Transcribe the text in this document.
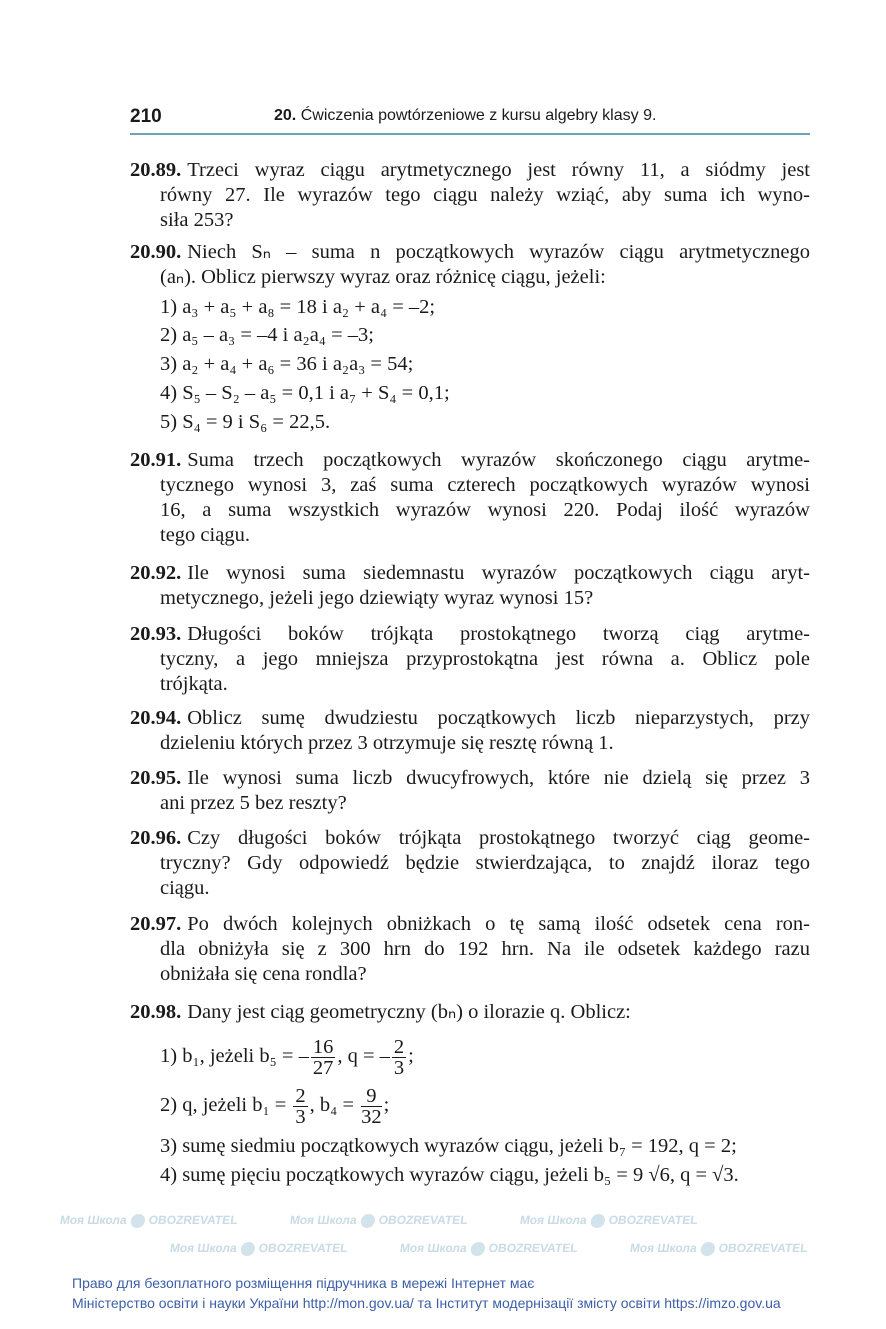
Моя Школа OBOZREVATEL	Моя Школа OBOZREVATEL	Моя Школа OBOZREVATEL
Моя Школа OBOZREVATEL	Моя Школа OBOZREVATEL	Моя Школа OBOZREVATEL
210	20. Ćwiczenia powtórzeniowe z kursu algebry klasy 9.
20.89. Trzeci wyraz ciągu arytmetycznego jest równy 11, a siódmy jest
równy 27. Ile wyrazów tego ciągu należy wziąć, aby suma ich wyno-
siła 253?
20.90. Niech Sₙ – suma n początkowych wyrazów ciągu arytmetycznego
(aₙ). Oblicz pierwszy wyraz oraz różnicę ciągu, jeżeli:
1) a₃ + a₅ + a₈ = 18 i a₂ + a₄ = –2;
2) a₅ – a₃ = –4 i a₂a₄ = –3;
3) a₂ + a₄ + a₆ = 36 i a₂a₃ = 54;
4) S₅ – S₂ – a₅ = 0,1 i a₇ + S₄ = 0,1;
5) S₄ = 9 i S₆ = 22,5.
20.91. Suma trzech początkowych wyrazów skończonego ciągu arytme-
tycznego wynosi 3, zaś suma czterech początkowych wyrazów wynosi
16, a suma wszystkich wyrazów wynosi 220. Podaj ilość wyrazów
tego ciągu.
20.92. Ile wynosi suma siedemnastu wyrazów początkowych ciągu aryt-
metycznego, jeżeli jego dziewiąty wyraz wynosi 15?
20.93. Długości boków trójkąta prostokątnego tworzą ciąg arytme-
tyczny, a jego mniejsza przyprostokątna jest równa a. Oblicz pole
trójkąta.
20.94. Oblicz sumę dwudziestu początkowych liczb nieparzystych, przy
dzieleniu których przez 3 otrzymuje się resztę równą 1.
20.95. Ile wynosi suma liczb dwucyfrowych, które nie dzielą się przez 3
ani przez 5 bez reszty?
20.96. Czy długości boków trójkąta prostokątnego tworzyć ciąg geome-
tryczny? Gdy odpowiedź będzie stwierdzająca, to znajdź iloraz tego
ciągu.
20.97. Po dwóch kolejnych obniżkach o tę samą ilość odsetek cena ron-
dla obniżyła się z 300 hrn do 192 hrn. Na ile odsetek każdego razu
obniżała się cena rondla?
20.98. Dany jest ciąg geometryczny (bₙ) o ilorazie q. Oblicz:
1) b₁, jeżeli b₅ = – $\frac{16}{27}$ , q = – $\frac{2}{3}$ ;
2) q, jeżeli $b_1 = \frac{2}{3}$ , $b_4 = \frac{9}{32}$ ;
3) sumę siedmiu początkowych wyrazów ciągu, jeżeli b₇ = 192, q = 2;
4) sumę pięciu początkowych wyrazów ciągu, jeżeli b₅ = 9 √6, q = √3.
Право для безоплатного розміщення підручника в мережі Інтернет має
Міністерство освіти і науки України http://mon.gov.ua/ та Інститут модернізації змісту освіти https://imzo.gov.ua
